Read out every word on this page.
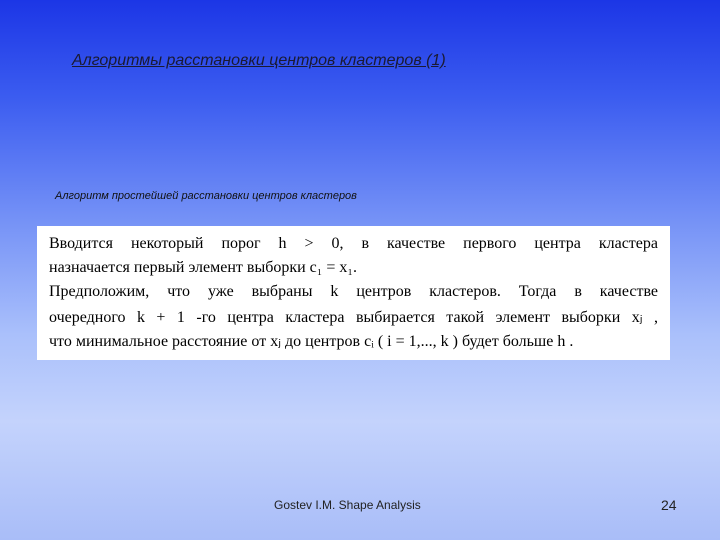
Алгоритмы расстановки центров кластеров (1)
Алгоритм простейшей расстановки центров кластеров
Вводится некоторый порог h > 0, в качестве первого центра кластера
назначается первый элемент выборки c₁ = x₁.
Предположим, что уже выбраны k центров кластеров. Тогда в качестве
очередного k + 1 -го центра кластера выбирается такой элемент выборки xⱼ ,
что минимальное расстояние от xⱼ до центров cᵢ ( i = 1,..., k ) будет больше h .
Gostev I.M. Shape Analysis	24
